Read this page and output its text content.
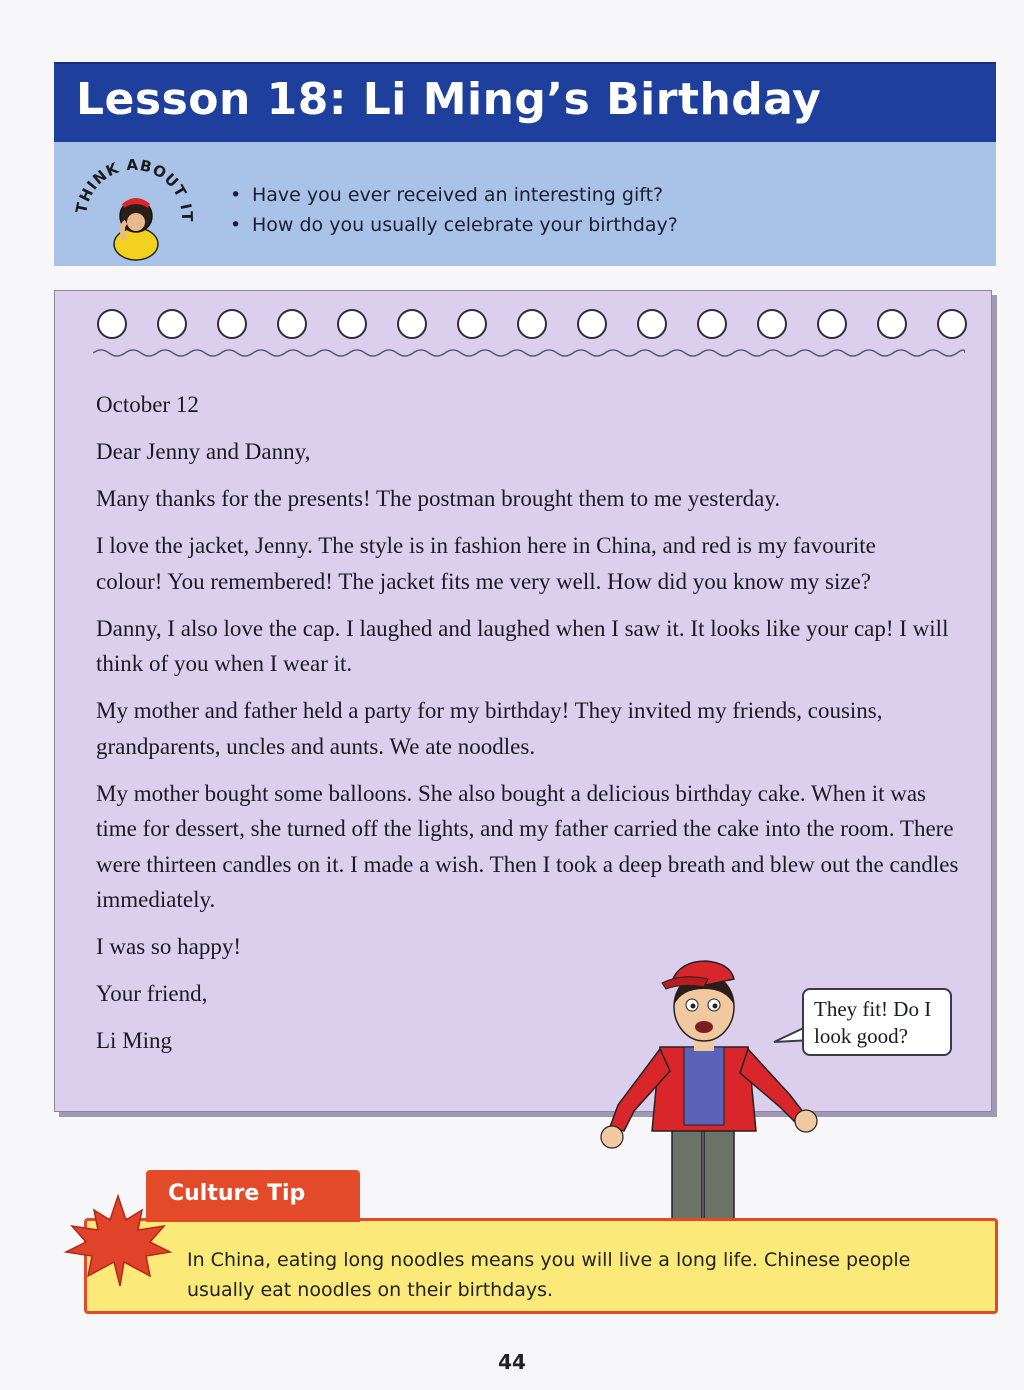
Lesson 18: Li Ming’s Birthday
THINK ABOUT IT
• Have you ever received an interesting gift?
• How do you usually celebrate your birthday?

October 12

Dear Jenny and Danny,

Many thanks for the presents! The postman brought them to me yesterday.

I love the jacket, Jenny. The style is in fashion here in China, and red is my favourite colour! You remembered! The jacket fits me very well. How did you know my size?

Danny, I also love the cap. I laughed and laughed when I saw it. It looks like your cap! I will think of you when I wear it.

My mother and father held a party for my birthday! They invited my friends, cousins, grandparents, uncles and aunts. We ate noodles.

My mother bought some balloons. She also bought a delicious birthday cake. When it was time for dessert, she turned off the lights, and my father carried the cake into the room. There were thirteen candles on it. I made a wish. Then I took a deep breath and blew out the candles immediately.

I was so happy!

Your friend,

Li Ming

They fit! Do I
look good?
In China, eating long noodles means you will live a long life. Chinese people usually eat noodles on their birthdays.
Culture Tip
44
